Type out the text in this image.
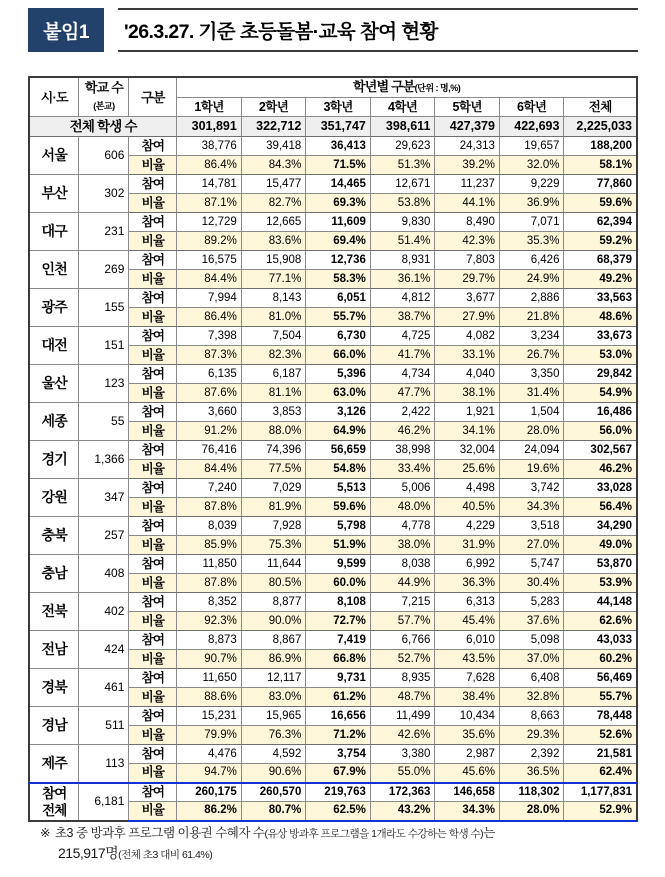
붙임1	'26.3.27. 기준 초등돌봄·교육 참여 현황
시·도	학교 수
(본교)	구분	학년별 구분(단위 : 명,%)						
			1학년	2학년	3학년	4학년	5학년	6학년	전체
전체 학생 수			301,891	322,712	351,747	398,611	427,379	422,693	2,225,033
서울	606	참여	38,776	39,418	36,413	29,623	24,313	19,657	188,200
		비율	86.4%	84.3%	71.5%	51.3%	39.2%	32.0%	58.1%
부산	302	참여	14,781	15,477	14,465	12,671	11,237	9,229	77,860
		비율	87.1%	82.7%	69.3%	53.8%	44.1%	36.9%	59.6%
대구	231	참여	12,729	12,665	11,609	9,830	8,490	7,071	62,394
		비율	89.2%	83.6%	69.4%	51.4%	42.3%	35.3%	59.2%
인천	269	참여	16,575	15,908	12,736	8,931	7,803	6,426	68,379
		비율	84.4%	77.1%	58.3%	36.1%	29.7%	24.9%	49.2%
광주	155	참여	7,994	8,143	6,051	4,812	3,677	2,886	33,563
		비율	86.4%	81.0%	55.7%	38.7%	27.9%	21.8%	48.6%
대전	151	참여	7,398	7,504	6,730	4,725	4,082	3,234	33,673
		비율	87.3%	82.3%	66.0%	41.7%	33.1%	26.7%	53.0%
울산	123	참여	6,135	6,187	5,396	4,734	4,040	3,350	29,842
		비율	87.6%	81.1%	63.0%	47.7%	38.1%	31.4%	54.9%
세종	55	참여	3,660	3,853	3,126	2,422	1,921	1,504	16,486
		비율	91.2%	88.0%	64.9%	46.2%	34.1%	28.0%	56.0%
경기	1,366	참여	76,416	74,396	56,659	38,998	32,004	24,094	302,567
		비율	84.4%	77.5%	54.8%	33.4%	25.6%	19.6%	46.2%
강원	347	참여	7,240	7,029	5,513	5,006	4,498	3,742	33,028
		비율	87.8%	81.9%	59.6%	48.0%	40.5%	34.3%	56.4%
충북	257	참여	8,039	7,928	5,798	4,778	4,229	3,518	34,290
		비율	85.9%	75.3%	51.9%	38.0%	31.9%	27.0%	49.0%
충남	408	참여	11,850	11,644	9,599	8,038	6,992	5,747	53,870
		비율	87.8%	80.5%	60.0%	44.9%	36.3%	30.4%	53.9%
전북	402	참여	8,352	8,877	8,108	7,215	6,313	5,283	44,148
		비율	92.3%	90.0%	72.7%	57.7%	45.4%	37.6%	62.6%
전남	424	참여	8,873	8,867	7,419	6,766	6,010	5,098	43,033
		비율	90.7%	86.9%	66.8%	52.7%	43.5%	37.0%	60.2%
경북	461	참여	11,650	12,117	9,731	8,935	7,628	6,408	56,469
		비율	88.6%	83.0%	61.2%	48.7%	38.4%	32.8%	55.7%
경남	511	참여	15,231	15,965	16,656	11,499	10,434	8,663	78,448
		비율	79.9%	76.3%	71.2%	42.6%	35.6%	29.3%	52.6%
제주	113	참여	4,476	4,592	3,754	3,380	2,987	2,392	21,581
		비율	94.7%	90.6%	67.9%	55.0%	45.6%	36.5%	62.4%

참여
전체	6,181	참여	260,175	260,570	219,763	172,363	146,658	118,302	1,177,831
		비율	86.2%	80.7%	62.5%	43.2%	34.3%	28.0%	52.9%
※ 초3 중 방과후 프로그램 이용권 수혜자 수(유상 방과후 프로그램을 1개라도 수강하는 학생 수)는
215,917명(전체 초3 대비 61.4%)
